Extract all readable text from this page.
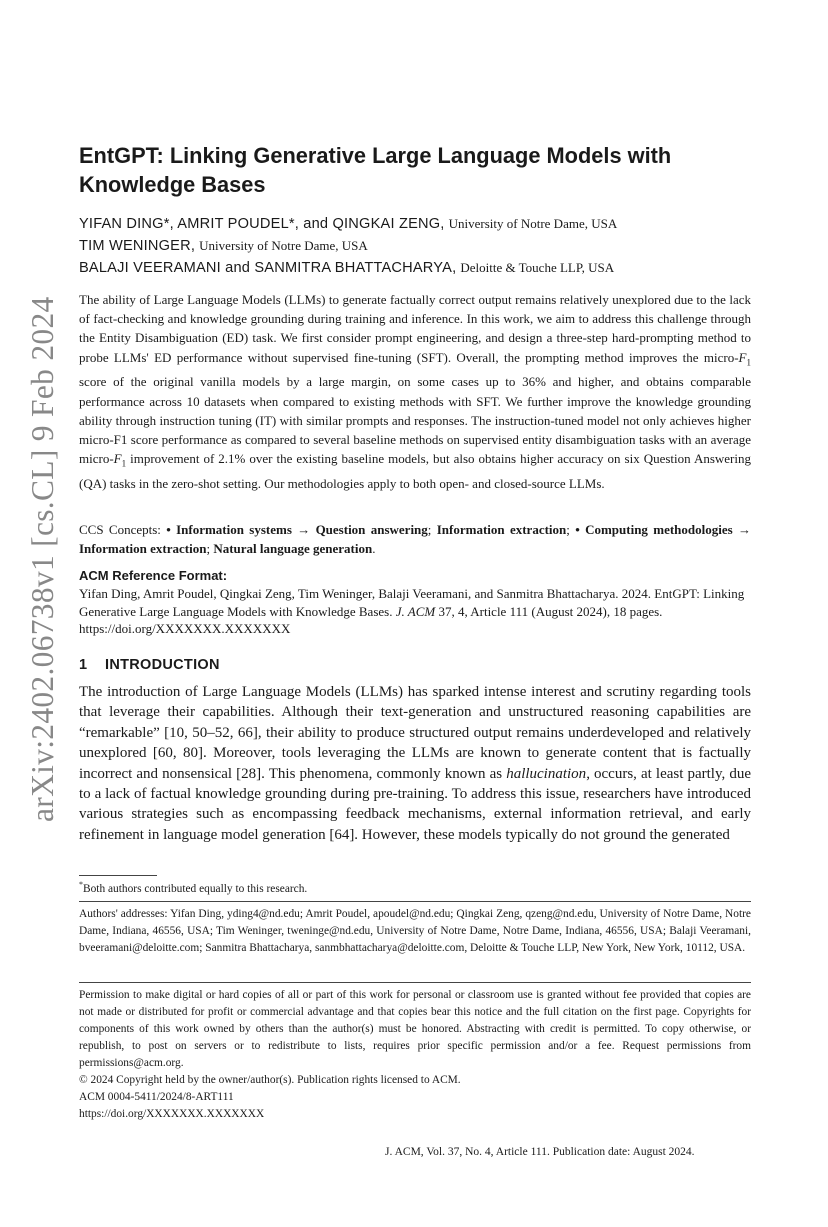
arXiv:2402.06738v1 [cs.CL] 9 Feb 2024
EntGPT: Linking Generative Large Language Models with Knowledge Bases
YIFAN DING*, AMRIT POUDEL*, and QINGKAI ZENG, University of Notre Dame, USA
TIM WENINGER, University of Notre Dame, USA
BALAJI VEERAMANI and SANMITRA BHATTACHARYA, Deloitte & Touche LLP, USA
The ability of Large Language Models (LLMs) to generate factually correct output remains relatively unexplored due to the lack of fact-checking and knowledge grounding during training and inference. In this work, we aim to address this challenge through the Entity Disambiguation (ED) task. We first consider prompt engineering, and design a three-step hard-prompting method to probe LLMs' ED performance without supervised fine-tuning (SFT). Overall, the prompting method improves the micro-$F_1$ score of the original vanilla models by a large margin, on some cases up to 36% and higher, and obtains comparable performance across 10 datasets when compared to existing methods with SFT. We further improve the knowledge grounding ability through instruction tuning (IT) with similar prompts and responses. The instruction-tuned model not only achieves higher micro-F1 score performance as compared to several baseline methods on supervised entity disambiguation tasks with an average micro-$F_1$ improvement of 2.1% over the existing baseline models, but also obtains higher accuracy on six Question Answering (QA) tasks in the zero-shot setting. Our methodologies apply to both open- and closed-source LLMs.
CCS Concepts: • Information systems → Question answering; Information extraction; • Computing methodologies → Information extraction; Natural language generation.
ACM Reference Format:
Yifan Ding, Amrit Poudel, Qingkai Zeng, Tim Weninger, Balaji Veeramani, and Sanmitra Bhattacharya. 2024. EntGPT: Linking Generative Large Language Models with Knowledge Bases. J. ACM 37, 4, Article 111 (August 2024), 18 pages. https://doi.org/XXXXXXX.XXXXXXX
1 INTRODUCTION
The introduction of Large Language Models (LLMs) has sparked intense interest and scrutiny regarding tools that leverage their capabilities. Although their text-generation and unstructured reasoning capabilities are “remarkable” [10, 50–52, 66], their ability to produce structured output remains underdeveloped and relatively unexplored [60, 80]. Moreover, tools leveraging the LLMs are known to generate content that is factually incorrect and nonsensical [28]. This phenomena, commonly known as hallucination, occurs, at least partly, due to a lack of factual knowledge grounding during pre-training. To address this issue, researchers have introduced various strategies such as encompassing feedback mechanisms, external information retrieval, and early refinement in language model generation [64]. However, these models typically do not ground the generated
*Both authors contributed equally to this research.
Authors' addresses: Yifan Ding, yding4@nd.edu; Amrit Poudel, apoudel@nd.edu; Qingkai Zeng, qzeng@nd.edu, University of Notre Dame, Notre Dame, Indiana, 46556, USA; Tim Weninger, tweninge@nd.edu, University of Notre Dame, Notre Dame, Indiana, 46556, USA; Balaji Veeramani, bveeramani@deloitte.com; Sanmitra Bhattacharya, sanmbhattacharya@deloitte.com, Deloitte & Touche LLP, New York, New York, 10112, USA.
Permission to make digital or hard copies of all or part of this work for personal or classroom use is granted without fee provided that copies are not made or distributed for profit or commercial advantage and that copies bear this notice and the full citation on the first page. Copyrights for components of this work owned by others than the author(s) must be honored. Abstracting with credit is permitted. To copy otherwise, or republish, to post on servers or to redistribute to lists, requires prior specific permission and/or a fee. Request permissions from permissions@acm.org.
© 2024 Copyright held by the owner/author(s). Publication rights licensed to ACM.
ACM 0004-5411/2024/8-ART111
https://doi.org/XXXXXXX.XXXXXXX
J. ACM, Vol. 37, No. 4, Article 111. Publication date: August 2024.
